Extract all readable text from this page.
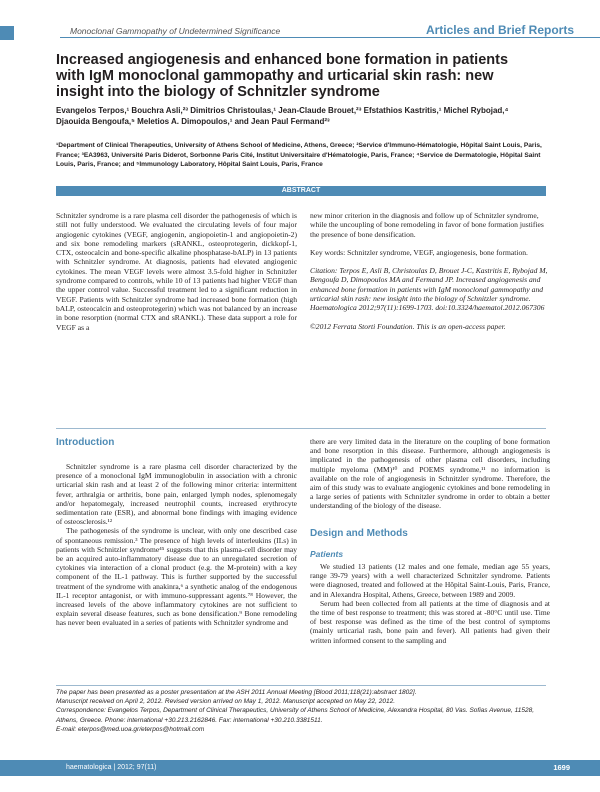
Monoclonal Gammopathy of Undetermined Significance	Articles and Brief Reports
Increased angiogenesis and enhanced bone formation in patients with IgM monoclonal gammopathy and urticarial skin rash: new insight into the biology of Schnitzler syndrome
Evangelos Terpos,¹ Bouchra Asli,²³ Dimitrios Christoulas,¹ Jean-Claude Brouet,²³ Efstathios Kastritis,¹ Michel Rybojad,⁴ Djaouida Bengoufa,⁵ Meletios A. Dimopoulos,¹ and Jean Paul Fermand²³
¹Department of Clinical Therapeutics, University of Athens School of Medicine, Athens, Greece; ²Service d'Immuno-Hématologie, Hôpital Saint Louis, Paris, France; ³EA3963, Université Paris Diderot, Sorbonne Paris Cité, Institut Universitaire d'Hématologie, Paris, France; ⁴Service de Dermatologie, Hôpital Saint Louis, Paris, France; and ⁵Immunology Laboratory, Hôpital Saint Louis, Paris, France
ABSTRACT
Schnitzler syndrome is a rare plasma cell disorder the pathogenesis of which is still not fully understood. We evaluated the circulating levels of four major angiogenic cytokines (VEGF, angiogenin, angiopoietin-1 and angiopoietin-2) and six bone remodeling markers (sRANKL, osteoprotegerin, dickkopf-1, CTX, osteocalcin and bone-specific alkaline phosphatase-bALP) in 13 patients with Schnitzler syndrome. At diagnosis, patients had elevated angiogenic cytokines. The mean VEGF levels were almost 3.5-fold higher in Schnitzler syndrome compared to controls, while 10 of 13 patients had higher VEGF than the upper control value. Successful treatment led to a significant reduction in VEGF. Patients with Schnitzler syndrome had increased bone formation (high bALP, osteocalcin and osteoprotegerin) which was not balanced by an increase in bone resorption (normal CTX and sRANKL). These data support a role for VEGF as a

new minor criterion in the diagnosis and follow up of Schnitzler syndrome, while the uncoupling of bone remodeling in favor of bone formation justifies the presence of bone densification.

Key words: Schnitzler syndrome, VEGF, angiogenesis, bone formation.

Citation: Terpos E, Asli B, Christoulas D, Brouet J-C, Kastritis E, Rybojad M, Bengoufa D, Dimopoulos MA and Fermand JP. Increased angiogenesis and enhanced bone formation in patients with IgM monoclonal gammopathy and urticarial skin rash: new insight into the biology of Schnitzler syndrome. Haematologica 2012;97(11):1699-1703. doi:10.3324/haematol.2012.067306

©2012 Ferrata Storti Foundation. This is an open-access paper.

Introduction

Schnitzler syndrome is a rare plasma cell disorder characterized by the presence of a monoclonal IgM immunoglobulin in association with a chronic urticarial skin rash and at least 2 of the following minor criteria: intermittent fever, arthralgia or arthritis, bone pain, enlarged lymph nodes, splenomegaly and/or hepatomegaly, increased neutrophil counts, increased erythrocyte sedimentation rate (ESR), and abnormal bone findings with imaging evidence of osteosclerosis.¹²

The pathogenesis of the syndrome is unclear, with only one described case of spontaneous remission.³ The presence of high levels of interleukins (ILs) in patients with Schnitzler syndrome⁴⁵ suggests that this plasma-cell disorder may be an acquired auto-inflammatory disease due to an unregulated secretion of cytokines via interaction of a clonal product (e.g. the M-protein) with a key component of the IL-1 pathway. This is further supported by the successful treatment of the syndrome with anakinra,⁶ a synthetic analog of the endogenous IL-1 receptor antagonist, or with immuno-suppressant agents.⁷⁸ However, the increased levels of the above inflammatory cytokines are not sufficient to explain several disease features, such as bone densification.⁹ Bone remodeling has never been evaluated in a series of patients with Schnitzler syndrome and

there are very limited data in the literature on the coupling of bone formation and bone resorption in this disease. Furthermore, although angiogenesis is implicated in the pathogenesis of other plasma cell disorders, including multiple myeloma (MM)¹⁰ and POEMS syndrome,¹¹ no information is available on the role of angiogenesis in Schnitzler syndrome. Therefore, the aim of this study was to evaluate angiogenic cytokines and bone remodeling in a large series of patients with Schnitzler syndrome in order to obtain a better understanding of the biology of the disease.

Design and Methods
Patients

We studied 13 patients (12 males and one female, median age 55 years, range 39-79 years) with a well characterized Schnitzler syndrome. Patients were diagnosed, treated and followed at the Hôpital Saint-Louis, Paris, France, and in Alexandra Hospital, Athens, Greece, between 1989 and 2009.

Serum had been collected from all patients at the time of diagnosis and at the time of best response to treatment; this was stored at -80°C until use. Time of best response was defined as the time of the best control of symptoms (mainly urticarial rash, bone pain and fever). All patients had given their written informed consent to the sampling and

The paper has been presented as a poster presentation at the ASH 2011 Annual Meeting [Blood 2011;118(21):abstract 1802].
Manuscript received on April 2, 2012. Revised version arrived on May 1, 2012. Manuscript accepted on May 22, 2012.
Correspondence: Evangelos Terpos, Department of Clinical Therapeutics, University of Athens School of Medicine, Alexandra Hospital, 80 Vas. Sofias Avenue, 11528, Athens, Greece. Phone: international +30.213.2162846. Fax: international +30.210.3381511.
E-mail: eterpos@med.uoa.gr/eterpos@hotmail.com
haematologica | 2012; 97(11)	1699
